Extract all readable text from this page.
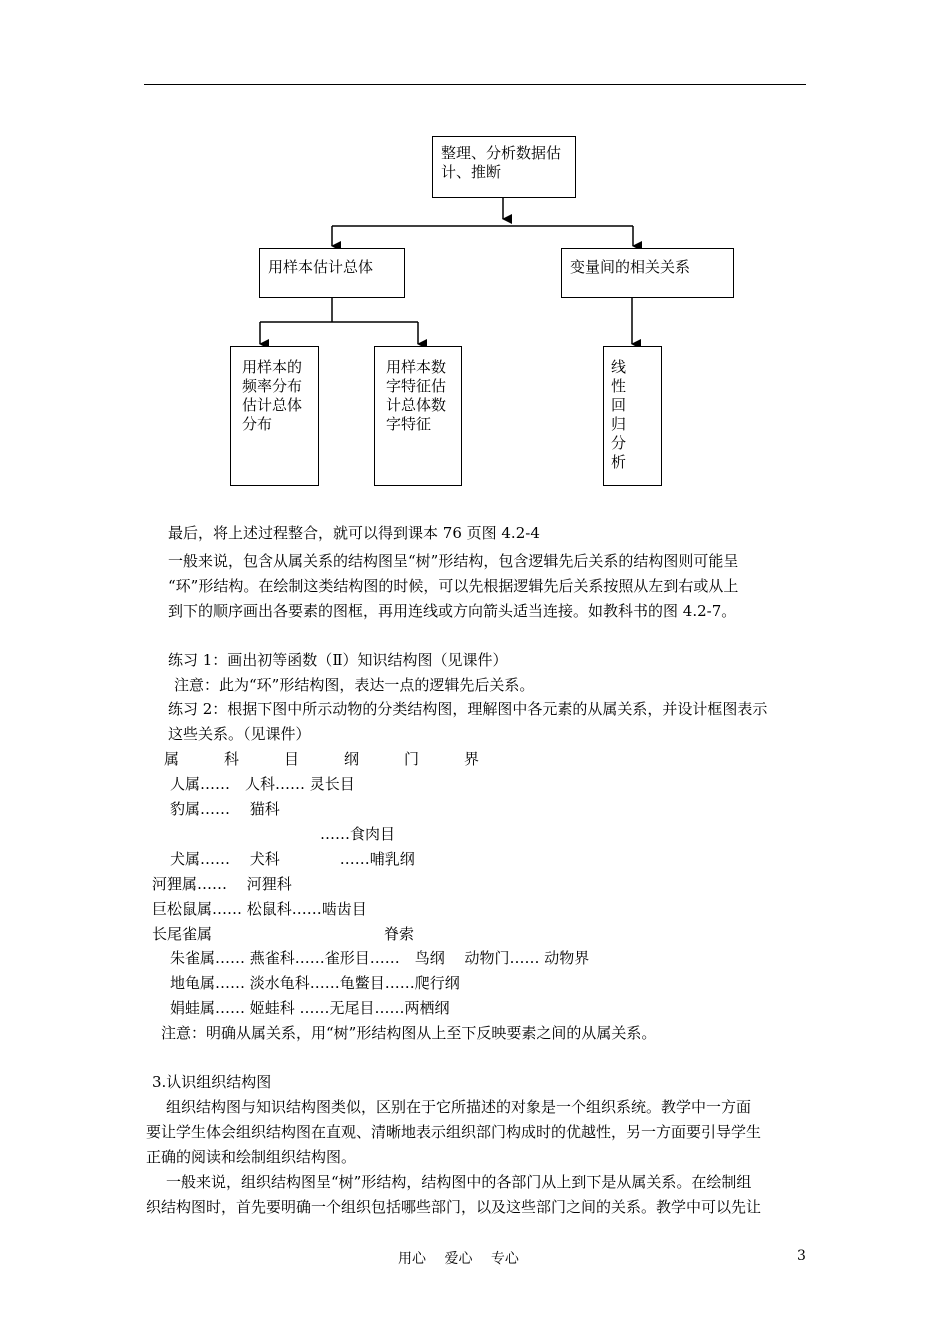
整理、分析数据估计、推断
用样本估计总体	变量间的相关关系
用样本的频率分布估计总体分布
用样本数字特征估计总体数字特征
线性回归分析
最后，将上述过程整合，就可以得到课本 76 页图 4.2-4
一般来说，包含从属关系的结构图呈“树”形结构，包含逻辑先后关系的结构图则可能呈
“环”形结构。在绘制这类结构图的时候，可以先根据逻辑先后关系按照从左到右或从上
到下的顺序画出各要素的图框，再用连线或方向箭头适当连接。如教科书的图 4.2-7。
练习 1：画出初等函数（Ⅱ）知识结构图（见课件）
注意：此为“环”形结构图，表达一点的逻辑先后关系。
练习 2：根据下图中所示动物的分类结构图，理解图中各元素的从属关系，并设计框图表示
这些关系。（见课件）
属　　　科　　　目　　　纲　　　门　　　界
人属……　人科…… 灵长目
豹属……　 猫科
……食肉目
犬属……　 犬科　　　　……哺乳纲
河狸属……　 河狸科
巨松鼠属…… 松鼠科……啮齿目
长尾雀属	脊索
朱雀属…… 燕雀科……雀形目……　鸟纲　 动物门…… 动物界
地龟属…… 淡水龟科……龟鳖目……爬行纲
娟蛙属…… 姬蛙科 ……无尾目……两栖纲
注意：明确从属关系，用“树”形结构图从上至下反映要素之间的从属关系。
3.认识组织结构图
组织结构图与知识结构图类似，区别在于它所描述的对象是一个组织系统。教学中一方面
要让学生体会组织结构图在直观、清晰地表示组织部门构成时的优越性，另一方面要引导学生
正确的阅读和绘制组织结构图。
一般来说，组织结构图呈“树”形结构，结构图中的各部门从上到下是从属关系。在绘制组
织结构图时，首先要明确一个组织包括哪些部门，以及这些部门之间的关系。教学中可以先让
用心　 爱心　 专心	3
